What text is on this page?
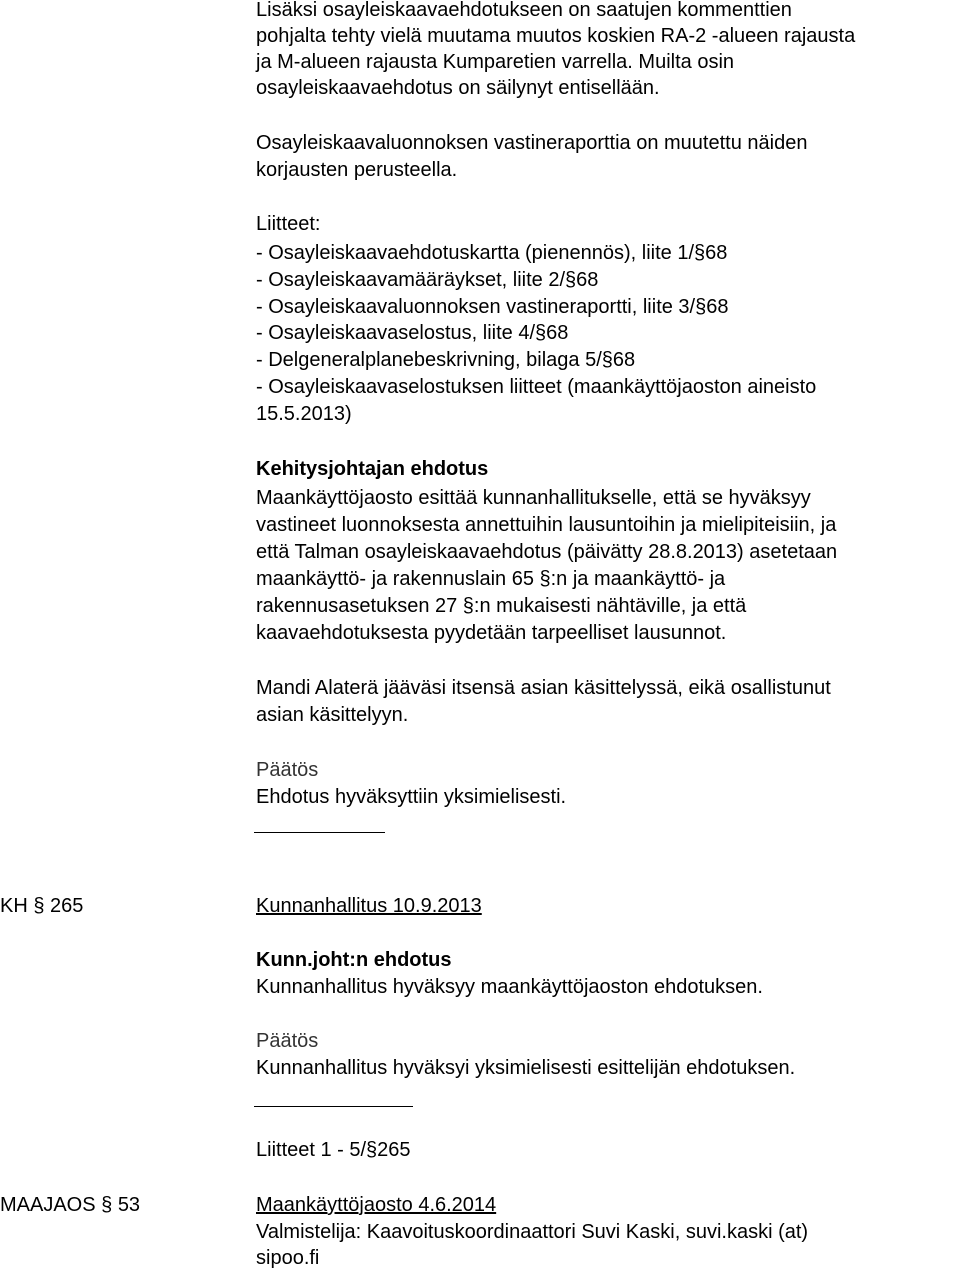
Lisäksi osayleiskaavaehdotukseen on saatujen kommenttien
pohjalta tehty vielä muutama muutos koskien RA-2 -alueen rajausta
ja M-alueen rajausta Kumparetien varrella. Muilta osin
osayleiskaavaehdotus on säilynyt entisellään.
Osayleiskaavaluonnoksen vastineraporttia on muutettu näiden
korjausten perusteella.
Liitteet:
- Osayleiskaavaehdotuskartta (pienennös), liite 1/§68
- Osayleiskaavamääräykset, liite 2/§68
- Osayleiskaavaluonnoksen vastineraportti, liite 3/§68
- Osayleiskaavaselostus, liite 4/§68
- Delgeneralplanebeskrivning, bilaga 5/§68
- Osayleiskaavaselostuksen liitteet (maankäyttöjaoston aineisto
15.5.2013)
Kehitysjohtajan ehdotus
Maankäyttöjaosto esittää kunnanhallitukselle, että se hyväksyy
vastineet luonnoksesta annettuihin lausuntoihin ja mielipiteisiin, ja
että Talman osayleiskaavaehdotus (päivätty 28.8.2013) asetetaan
maankäyttö- ja rakennuslain 65 §:n ja maankäyttö- ja
rakennusasetuksen 27 §:n mukaisesti nähtäville, ja että
kaavaehdotuksesta pyydetään tarpeelliset lausunnot.
Mandi Alaterä jääväsi itsensä asian käsittelyssä, eikä osallistunut
asian käsittelyyn.
Päätös
Ehdotus hyväksyttiin yksimielisesti.
KH § 265	Kunnanhallitus 10.9.2013
Kunn.joht:n ehdotus
Kunnanhallitus hyväksyy maankäyttöjaoston ehdotuksen.
Päätös
Kunnanhallitus hyväksyi yksimielisesti esittelijän ehdotuksen.
Liitteet 1 - 5/§265
MAAJAOS § 53	Maankäyttöjaosto 4.6.2014
Valmistelija: Kaavoituskoordinaattori Suvi Kaski, suvi.kaski (at)
sipoo.fi
